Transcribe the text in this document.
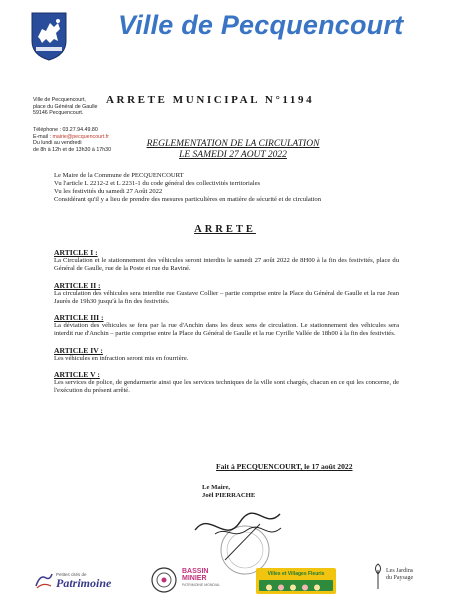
Ville de Pecquencourt
Ville de Pecquencourt,
place du Général de Gaulle
59146 Pecquencourt.
Téléphone : 03.27.94.49.80
E-mail : mairie@pecquencourt.fr
Du lundi au vendredi
de 8h à 12h et de 13h30 à 17h30
ARRETE MUNICIPAL N°1194
REGLEMENTATION DE LA CIRCULATION
LE SAMEDI 27 AOUT 2022
Le Maire de la Commune de PECQUENCOURT
Vu l'article L 2212-2 et L 2231-1 du code général des collectivités territoriales
Vu les festivités du samedi 27 Août 2022
Considérant qu'il y a lieu de prendre des mesures particulières en matière de sécurité et de circulation
ARRETE
ARTICLE I :
La Circulation et le stationnement des véhicules seront interdits le samedi 27 août 2022 de 8H00 à la fin des festivités, place du Général de Gaulle, rue de la Poste et rue du Raviné.
ARTICLE II :
La circulation des véhicules sera interdite rue Gustave Collier – partie comprise entre la Place du Général de Gaulle et la rue Jean Jaurès de 19h30 jusqu'à la fin des festivités.
ARTICLE III :
La déviation des véhicules se fera par la rue d'Anchin dans les deux sens de circulation. Le stationnement des véhicules sera interdit rue d'Anchin – partie comprise entre la Place du Général de Gaulle et la rue Cyrille Vallée de 18h00 à la fin des festivités.
ARTICLE IV :
Les véhicules en infraction seront mis en fourrière.
ARTICLE V :
Les services de police, de gendarmerie ainsi que les services techniques de la ville sont chargés, chacun en ce qui les concerne, de l'exécution du présent arrêté.
Fait à PECQUENCOURT, le 17 août 2022
Le Maire,
Joël PIERRACHE
Petites cités de
Patrimoine
BASSIN
MINIER
PATRIMOINE MONDIAL
Villes et Villages Fleuris	Les Jardins
du Paysage
